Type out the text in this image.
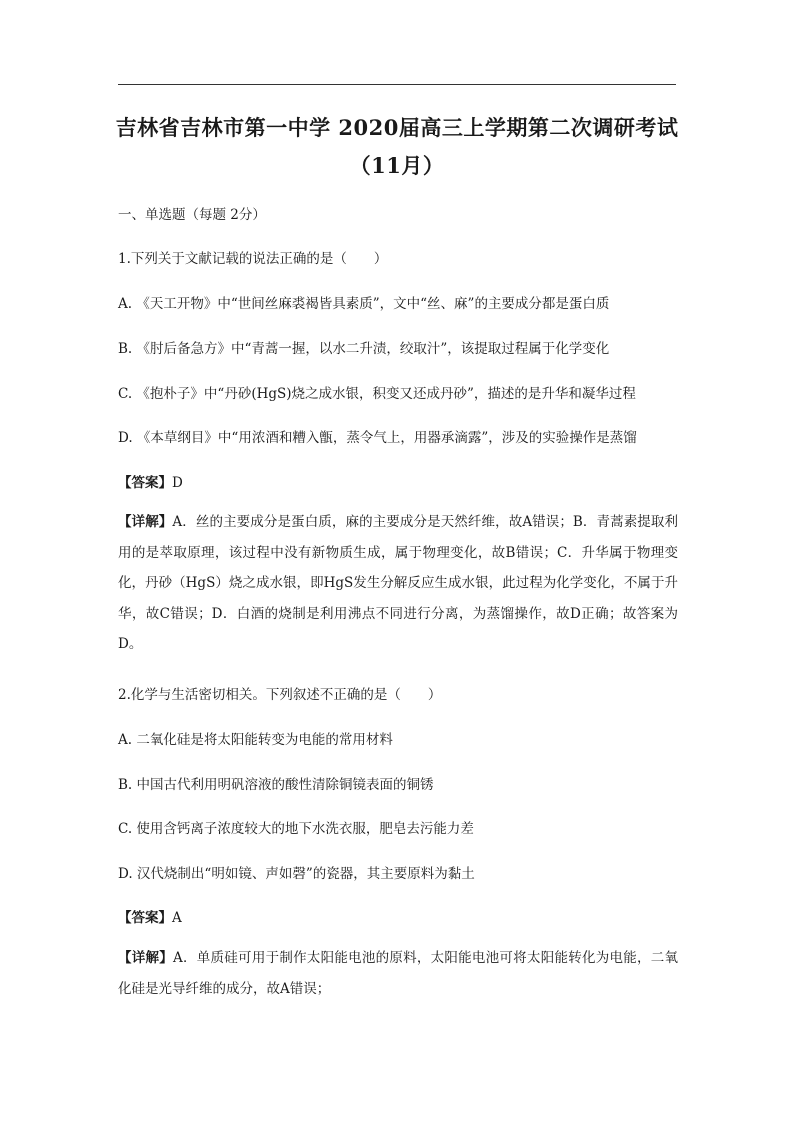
吉林省吉林市第一中学 2020届高三上学期第二次调研考试
（11月）
一、单选题（每题 2分）
1.下列关于文献记载的说法正确的是（　　）
A. 《天工开物》中“世间丝麻裘褐皆具素质”，文中“丝、麻”的主要成分都是蛋白质
B. 《肘后备急方》中“青蒿一握，以水二升渍，绞取汁”，该提取过程属于化学变化
C. 《抱朴子》中“丹砂(HgS)烧之成水银，积变又还成丹砂”，描述的是升华和凝华过程
D. 《本草纲目》中“用浓酒和糟入甑，蒸令气上，用器承滴露”，涉及的实验操作是蒸馏
【答案】D
【详解】A．丝的主要成分是蛋白质，麻的主要成分是天然纤维，故A错误；B．青蒿素提取利用的是萃取原理，该过程中没有新物质生成，属于物理变化，故B错误；C．升华属于物理变化，丹砂（HgS）烧之成水银，即HgS发生分解反应生成水银，此过程为化学变化，不属于升华，故C错误；D．白酒的烧制是利用沸点不同进行分离，为蒸馏操作，故D正确；故答案为D。
2.化学与生活密切相关。下列叙述不正确的是（　　）
A. 二氧化硅是将太阳能转变为电能的常用材料
B. 中国古代利用明矾溶液的酸性清除铜镜表面的铜锈
C. 使用含钙离子浓度较大的地下水洗衣服，肥皂去污能力差
D. 汉代烧制出“明如镜、声如磬”的瓷器，其主要原料为黏土
【答案】A
【详解】A．单质硅可用于制作太阳能电池的原料，太阳能电池可将太阳能转化为电能，二氧化硅是光导纤维的成分，故A错误；
